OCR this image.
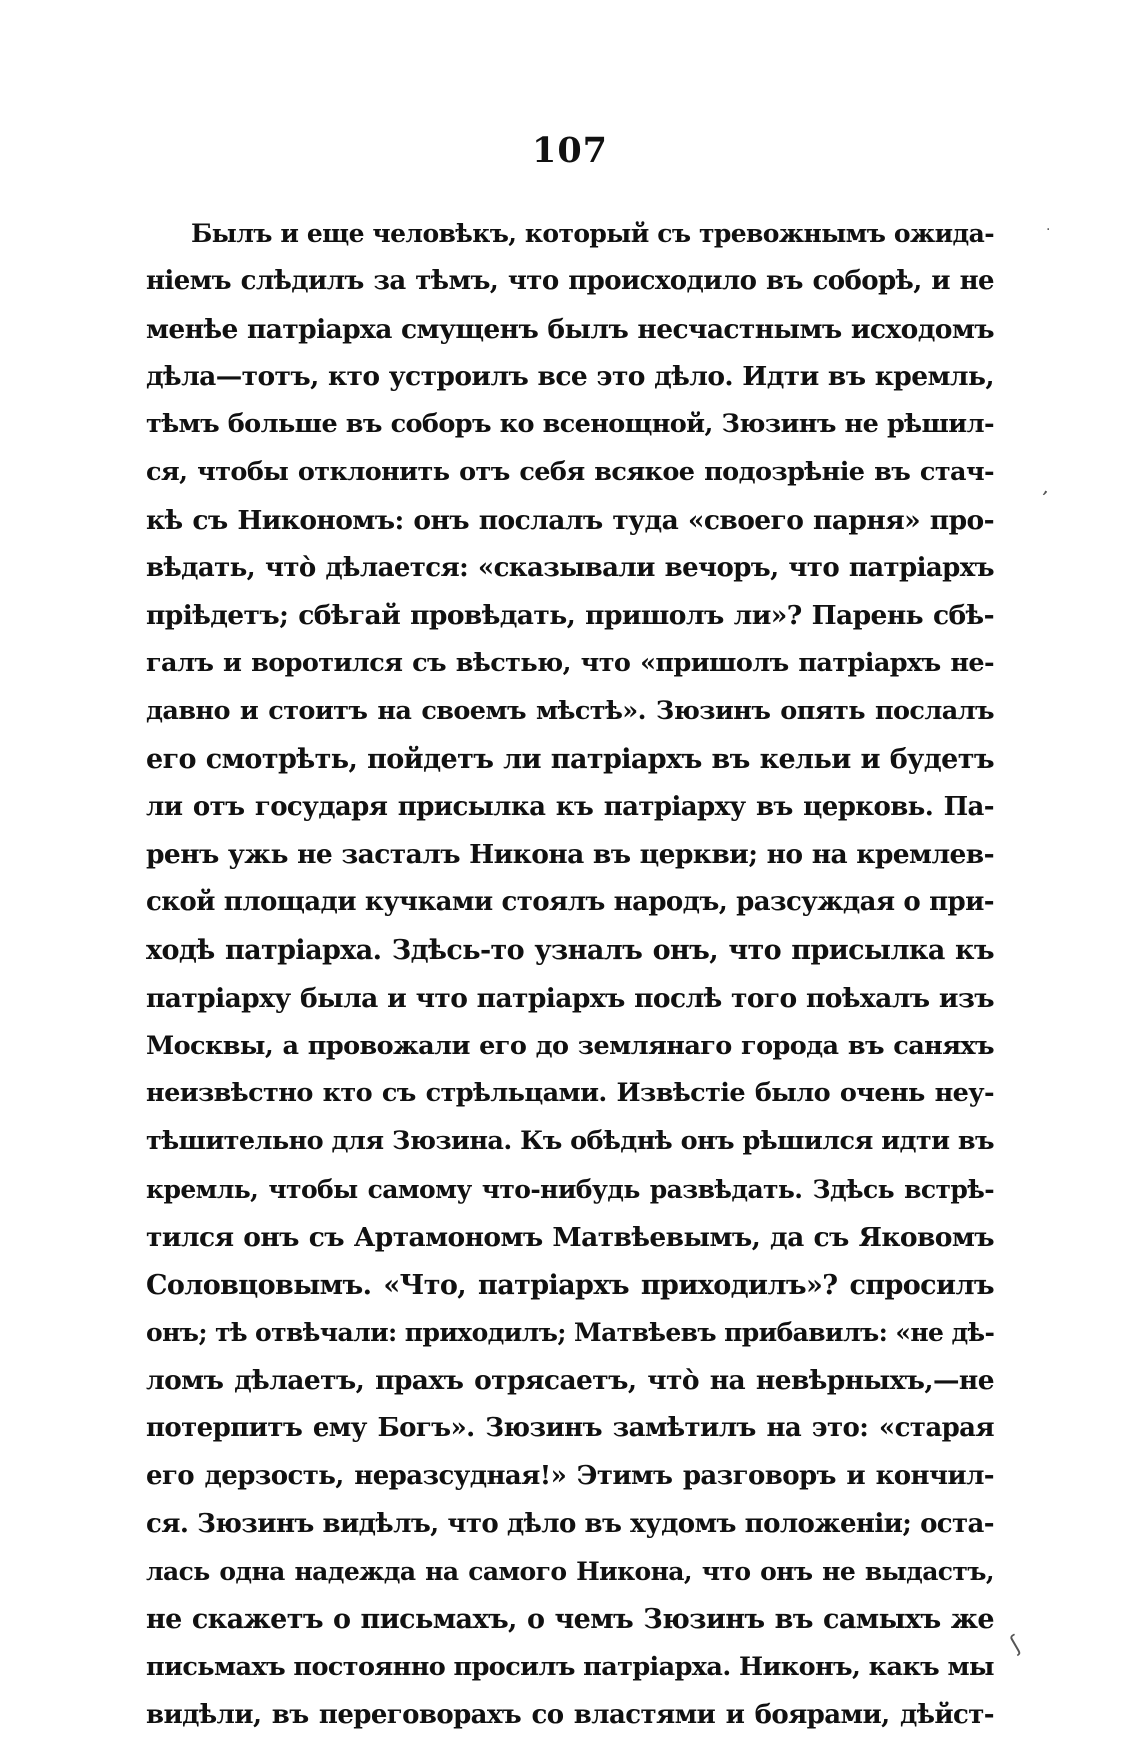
107
Былъ и еще человѣкъ, который съ тревожнымъ ожида-
ніемъ слѣдилъ за тѣмъ, что происходило въ соборѣ, и не
менѣе патріарха смущенъ былъ несчастнымъ исходомъ
дѣла—тотъ, кто устроилъ все это дѣло. Идти въ кремль,
тѣмъ больше въ соборъ ко всенощной, Зюзинъ не рѣшил-
ся, чтобы отклонить отъ себя всякое подозрѣніе въ стач-
кѣ съ Никономъ: онъ послалъ туда «своего парня» про-
вѣдать, что̀ дѣлается: «сказывали вечоръ, что патріархъ
пріѣдетъ; сбѣгай провѣдать, пришолъ ли»? Парень сбѣ-
галъ и воротился съ вѣстью, что «пришолъ патріархъ не-
давно и стоитъ на своемъ мѣстѣ». Зюзинъ опять послалъ
его смотрѣть, пойдетъ ли патріархъ въ кельи и будетъ
ли отъ государя присылка къ патріарху въ церковь. Па-
ренъ ужь не засталъ Никона въ церкви; но на кремлев-
ской площади кучками стоялъ народъ, разсуждая о при-
ходѣ патріарха. Здѣсь-то узналъ онъ, что присылка къ
патріарху была и что патріархъ послѣ того поѣхалъ изъ
Москвы, а провожали его до землянаго города въ саняхъ
неизвѣстно кто съ стрѣльцами. Извѣстіе было очень неу-
тѣшительно для Зюзина. Къ обѣднѣ онъ рѣшился идти въ
кремль, чтобы самому что-нибудь развѣдать. Здѣсь встрѣ-
тился онъ съ Артамономъ Матвѣевымъ, да съ Яковомъ
Соловцовымъ. «Что, патріархъ приходилъ»? спросилъ
онъ; тѣ отвѣчали: приходилъ; Матвѣевъ прибавилъ: «не дѣ-
ломъ дѣлаетъ, прахъ отрясаетъ, что̀ на невѣрныхъ,—не
потерпитъ ему Богъ». Зюзинъ замѣтилъ на это: «старая
его дерзость, неразсудная!» Этимъ разговоръ и кончил-
ся. Зюзинъ видѣлъ, что дѣло въ худомъ положеніи; оста-
лась одна надежда на самого Никона, что онъ не выдастъ,
не скажетъ о письмахъ, о чемъ Зюзинъ въ самыхъ же
письмахъ постоянно просилъ патріарха. Никонъ, какъ мы
видѣли, въ переговорахъ со властями и боярами, дѣйст-
·
ʼ
ʃ
